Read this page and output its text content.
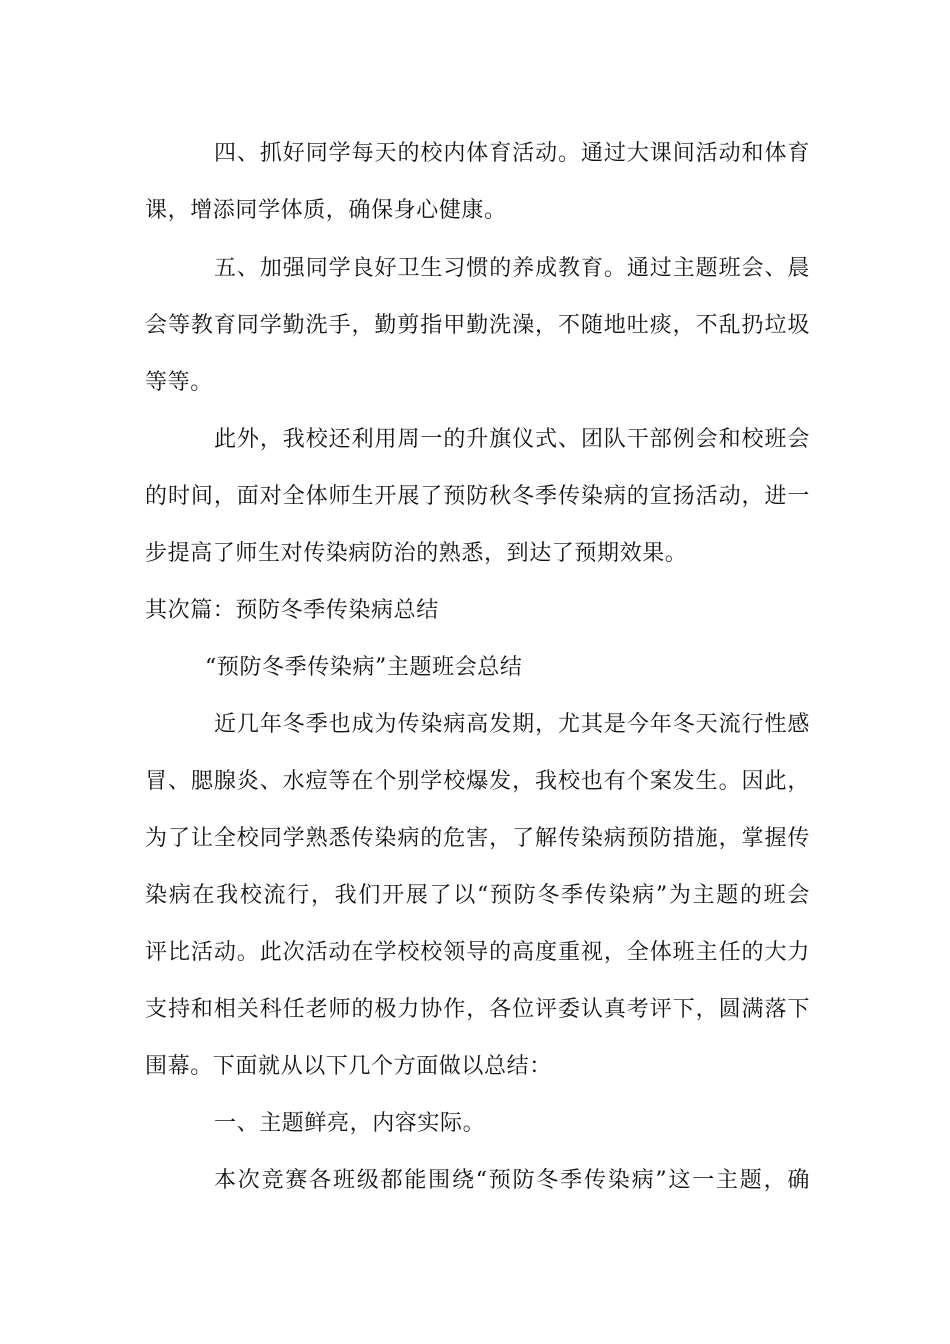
四、抓好同学每天的校内体育活动。通过大课间活动和体育
课，增添同学体质，确保身心健康。
五、加强同学良好卫生习惯的养成教育。通过主题班会、晨
会等教育同学勤洗手，勤剪指甲勤洗澡，不随地吐痰，不乱扔垃圾
等等。
此外，我校还利用周一的升旗仪式、团队干部例会和校班会
的时间，面对全体师生开展了预防秋冬季传染病的宣扬活动，进一
步提高了师生对传染病防治的熟悉，到达了预期效果。
其次篇：预防冬季传染病总结
“预防冬季传染病”主题班会总结
近几年冬季也成为传染病高发期，尤其是今年冬天流行性感
冒、腮腺炎、水痘等在个别学校爆发，我校也有个案发生。因此，
为了让全校同学熟悉传染病的危害，了解传染病预防措施，掌握传
染病在我校流行，我们开展了以“预防冬季传染病”为主题的班会
评比活动。此次活动在学校校领导的高度重视，全体班主任的大力
支持和相关科任老师的极力协作，各位评委认真考评下，圆满落下
围幕。下面就从以下几个方面做以总结：
一、主题鲜亮，内容实际。
本次竞赛各班级都能围绕“预防冬季传染病”这一主题，确
